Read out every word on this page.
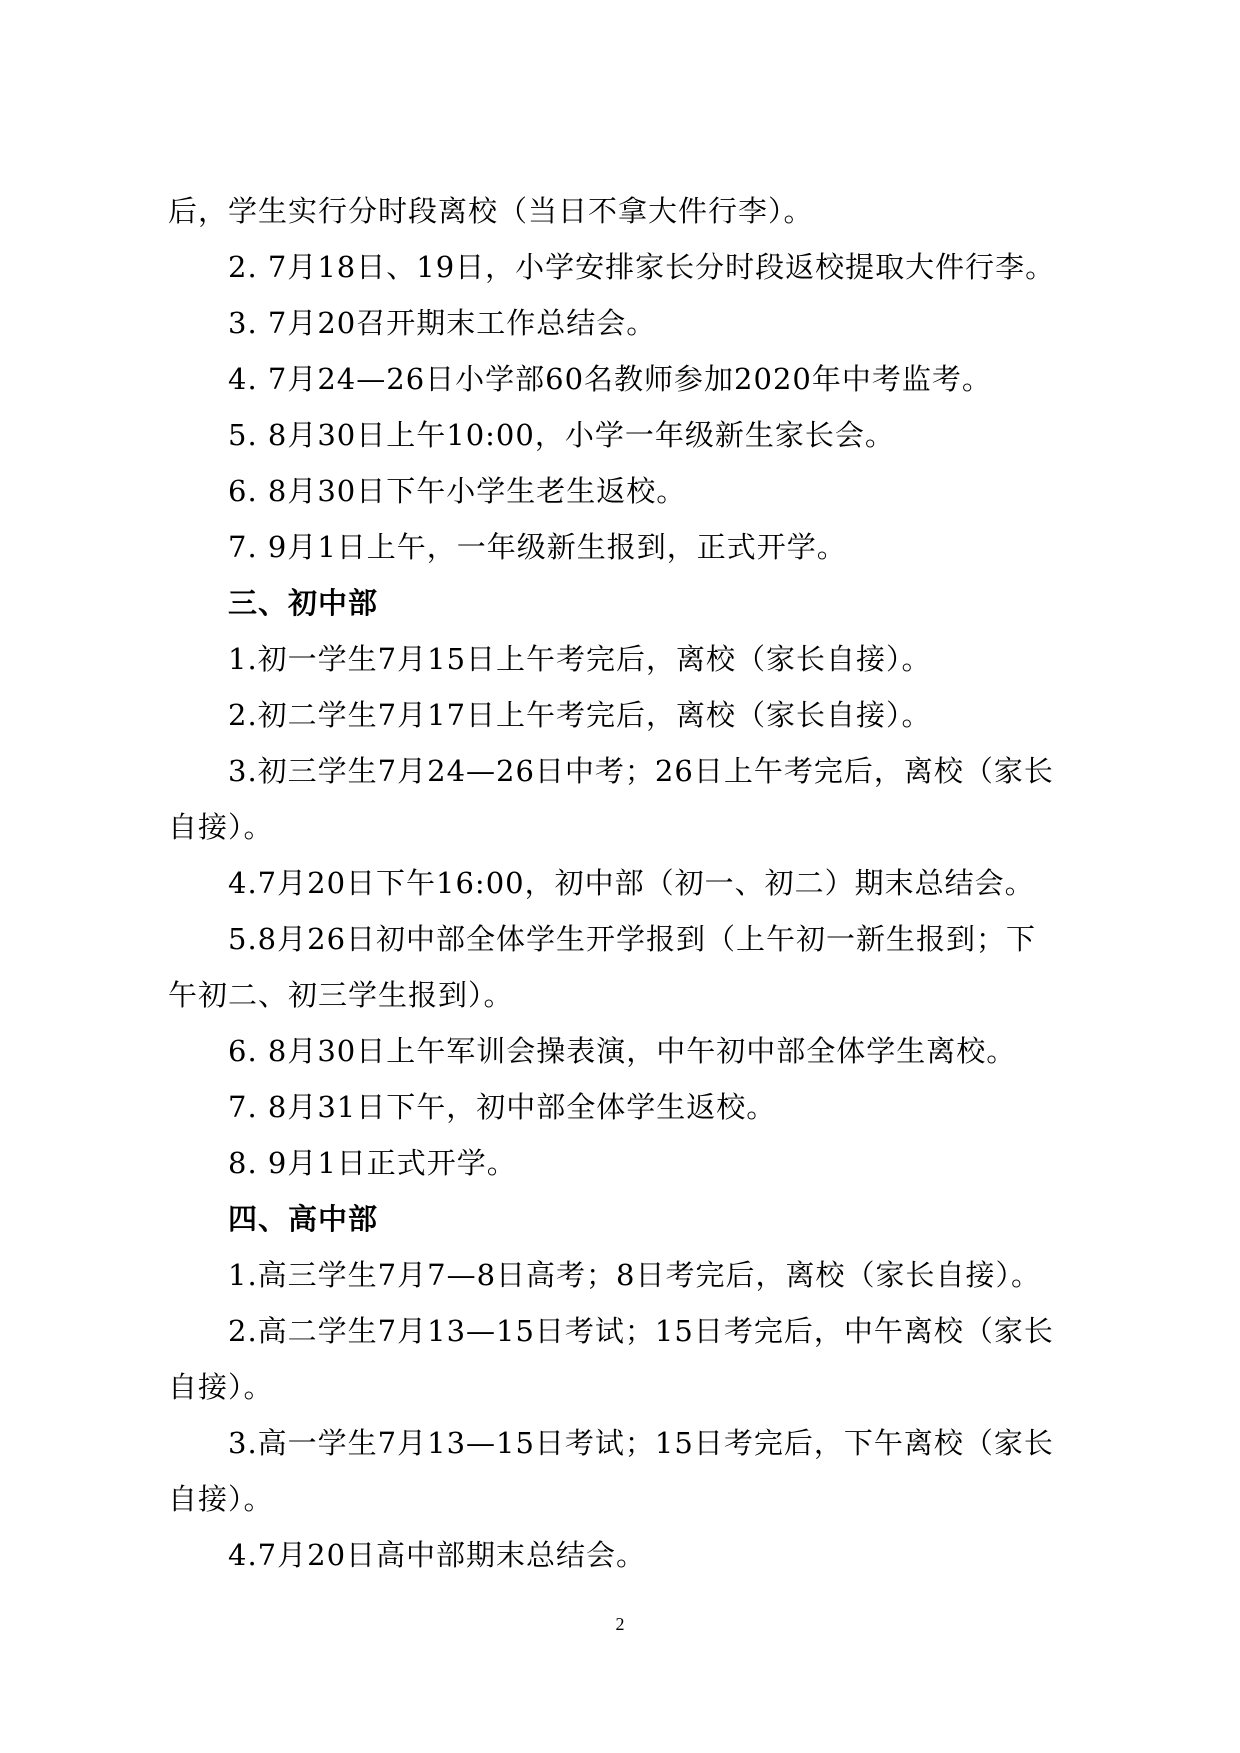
后，学生实行分时段离校（当日不拿大件行李）。
2. 7月18日、19日，小学安排家长分时段返校提取大件行李。
3. 7月20召开期末工作总结会。
4. 7月24—26日小学部60名教师参加2020年中考监考。
5. 8月30日上午10:00，小学一年级新生家长会。
6. 8月30日下午小学生老生返校。
7. 9月1日上午，一年级新生报到，正式开学。
三、初中部
1.初一学生7月15日上午考完后，离校（家长自接）。
2.初二学生7月17日上午考完后，离校（家长自接）。
3.初三学生7月24—26日中考；26日上午考完后，离校（家长
自接）。
4.7月20日下午16:00，初中部（初一、初二）期末总结会。
5.8月26日初中部全体学生开学报到（上午初一新生报到；下
午初二、初三学生报到）。
6. 8月30日上午军训会操表演，中午初中部全体学生离校。
7. 8月31日下午，初中部全体学生返校。
8. 9月1日正式开学。
四、高中部
1.高三学生7月7—8日高考；8日考完后，离校（家长自接）。
2.高二学生7月13—15日考试；15日考完后，中午离校（家长
自接）。
3.高一学生7月13—15日考试；15日考完后，下午离校（家长
自接）。
4.7月20日高中部期末总结会。
2
